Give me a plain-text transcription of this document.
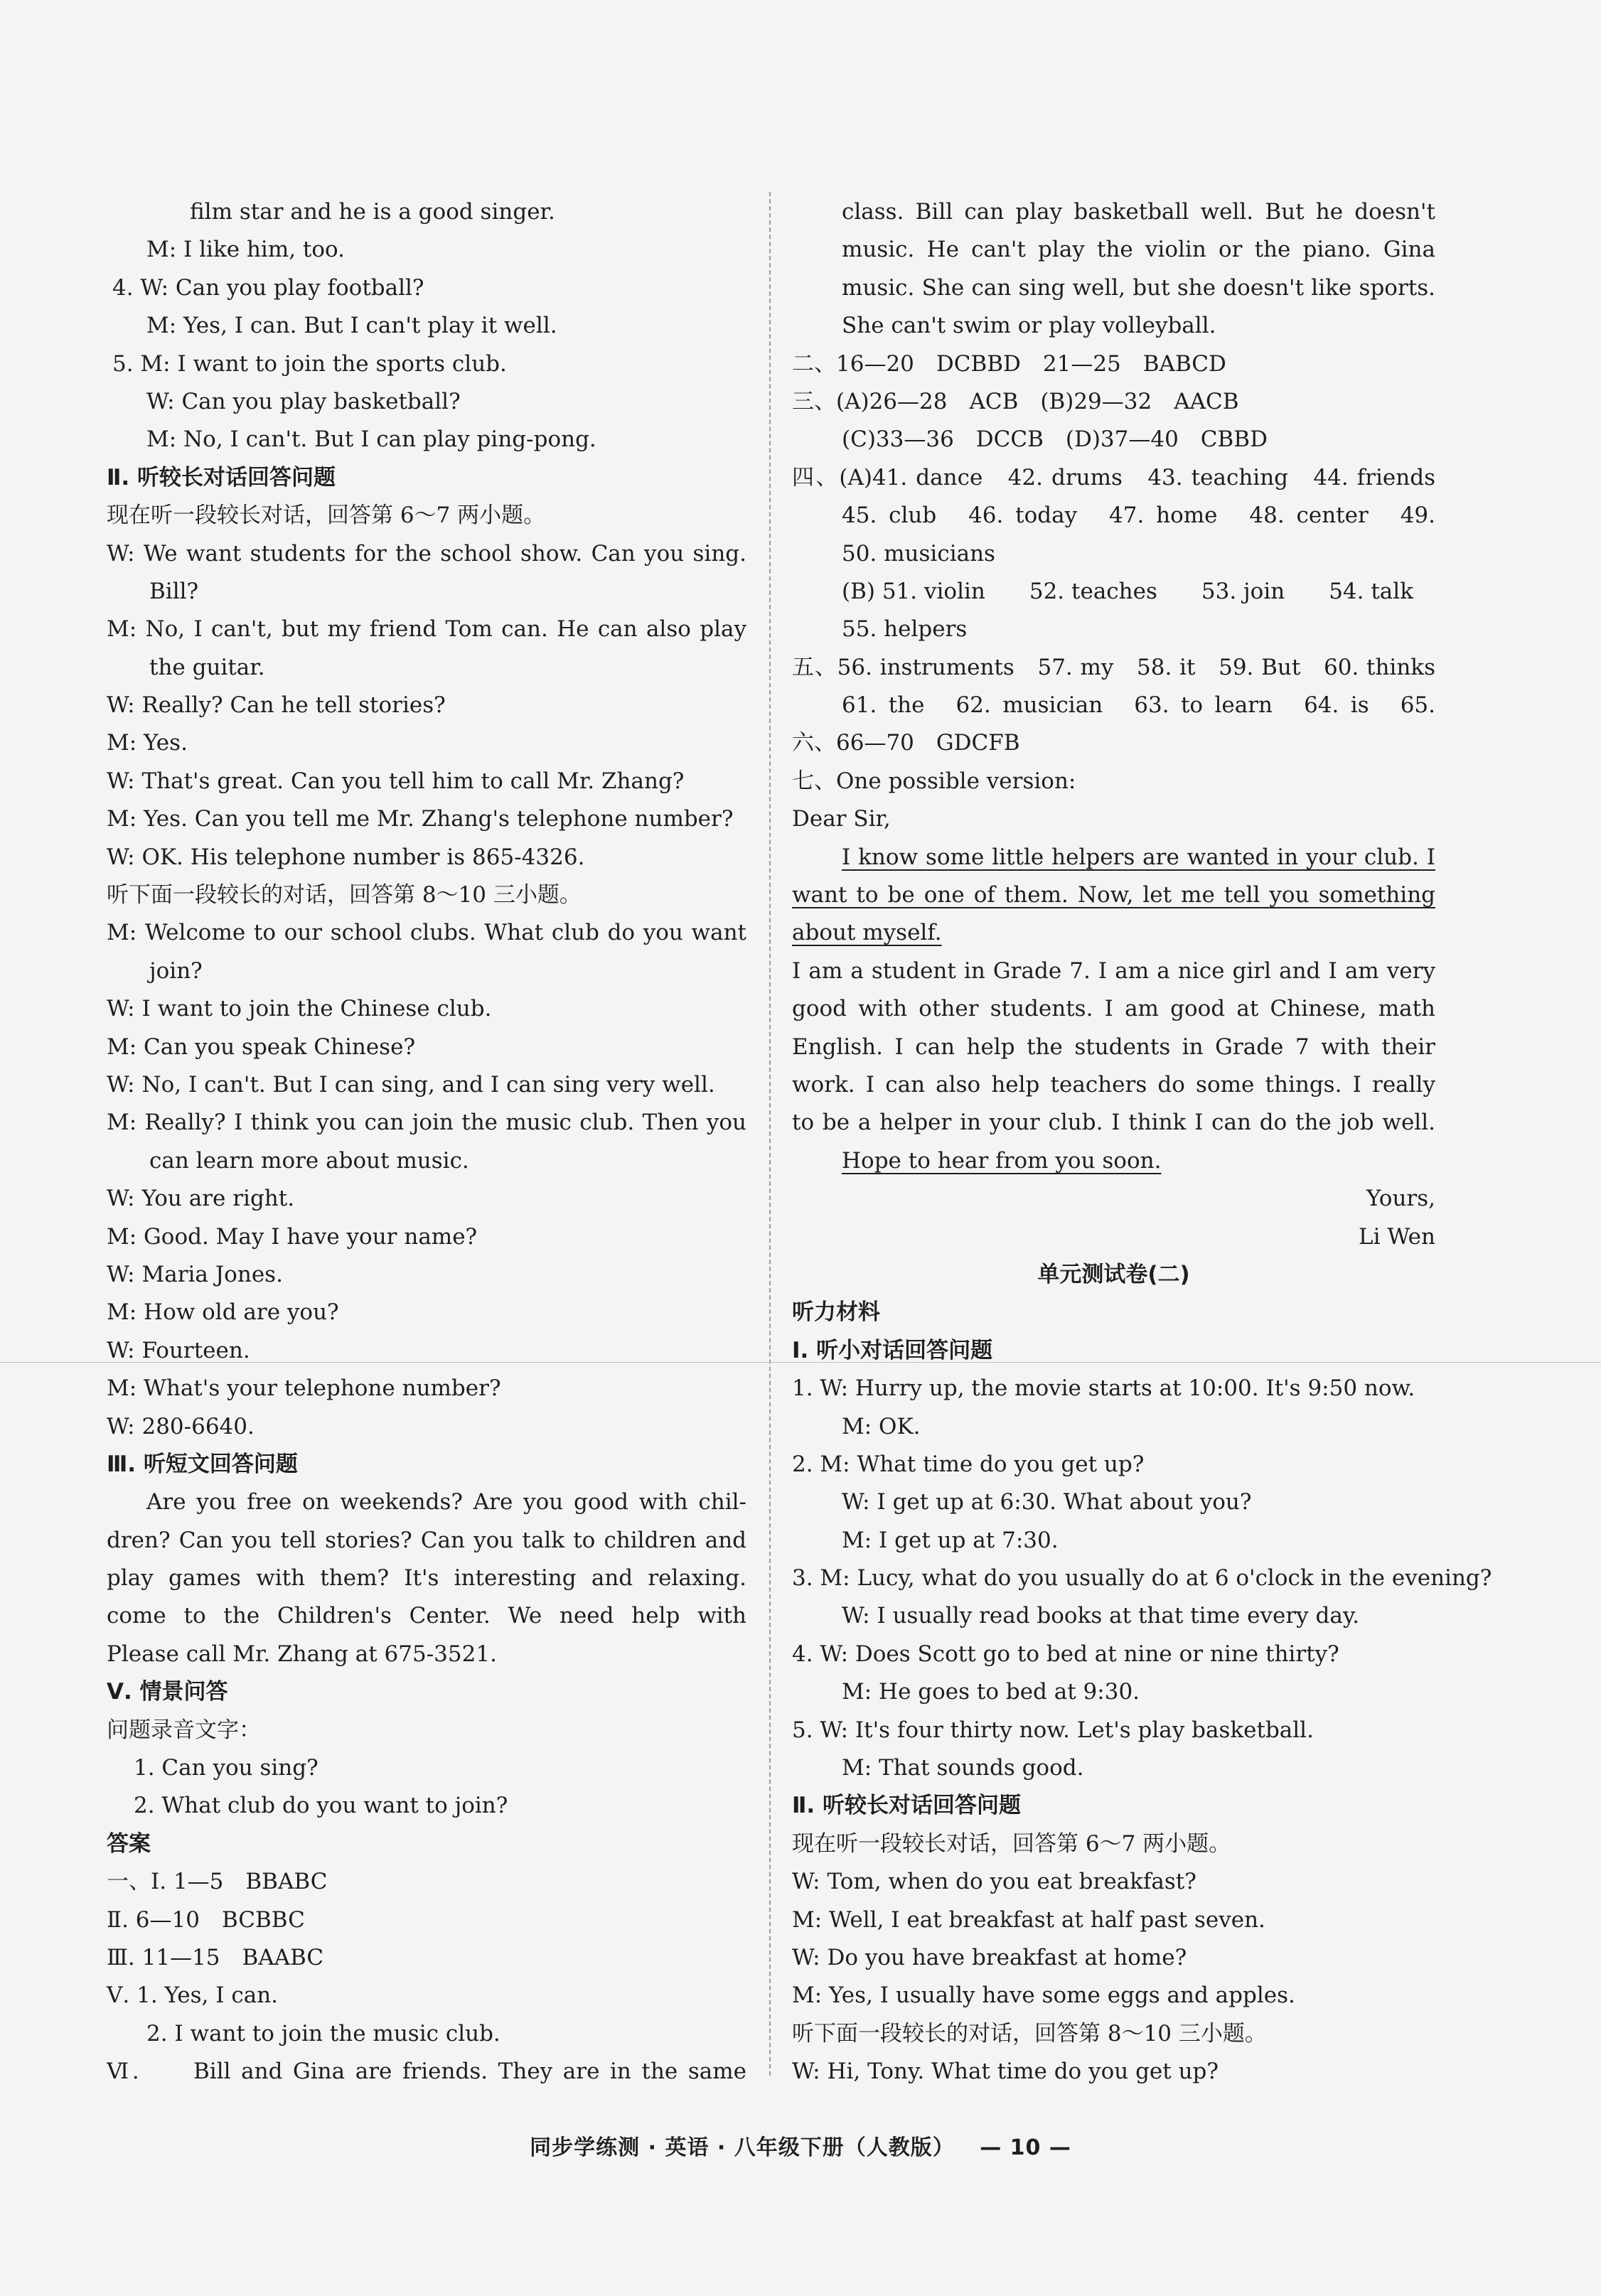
film star and he is a good singer.
M: I like him, too.
4. W: Can you play football?
M: Yes, I can. But I can't play it well.
5. M: I want to join the sports club.
W: Can you play basketball?
M: No, I can't. But I can play ping-pong.
Ⅱ. 听较长对话回答问题
现在听一段较长对话，回答第 6～7 两小题。
W: We want students for the school show. Can you sing.
Bill?
M: No, I can't, but my friend Tom can. He can also play
the guitar.
W: Really? Can he tell stories?
M: Yes.
W: That's great. Can you tell him to call Mr. Zhang?
M: Yes. Can you tell me Mr. Zhang's telephone number?
W: OK. His telephone number is 865-4326.
听下面一段较长的对话，回答第 8～10 三小题。
M: Welcome to our school clubs. What club do you want
join?
W: I want to join the Chinese club.
M: Can you speak Chinese?
W: No, I can't. But I can sing, and I can sing very well.
M: Really? I think you can join the music club. Then you
can learn more about music.
W: You are right.
M: Good. May I have your name?
W: Maria Jones.
M: How old are you?
W: Fourteen.
M: What's your telephone number?
W: 280-6640.
Ⅲ. 听短文回答问题
Are you free on weekends? Are you good with chil-
dren? Can you tell stories? Can you talk to children and
play games with them? It's interesting and relaxing.
come to the Children's Center. We need help with
Please call Mr. Zhang at 675-3521.
Ⅴ. 情景问答
问题录音文字：
1. Can you sing?
2. What club do you want to join?
答案
一、Ⅰ. 1—5　BBABC
Ⅱ. 6—10　BCBBC
Ⅲ. 11—15　BAABC
Ⅴ. 1. Yes, I can.
2. I want to join the music club.
Ⅵ.　　Bill and Gina are friends. They are in the same
class. Bill can play basketball well. But he doesn't
music. He can't play the violin or the piano. Gina
music. She can sing well, but she doesn't like sports.
She can't swim or play volleyball.
二、16—20　DCBBD　21—25　BABCD
三、(A)26—28　ACB　(B)29—32　AACB
(C)33—36　DCCB　(D)37—40　CBBD
四、(A)41. dance　42. drums　43. teaching　44. friends
45. club　46. today　47. home　48. center　49.
50. musicians
(B) 51. violin　　52. teaches　　53. join　　54. talk
55. helpers
五、56. instruments　57. my　58. it　59. But　60. thinks
61. the　62. musician　63. to learn　64. is　65.
六、66—70　GDCFB
七、One possible version:
Dear Sir,
I know some little helpers are wanted in your club. I
want to be one of them. Now, let me tell you something
about myself.
I am a student in Grade 7. I am a nice girl and I am very
good with other students. I am good at Chinese, math
English. I can help the students in Grade 7 with their
work. I can also help teachers do some things. I really
to be a helper in your club. I think I can do the job well.
Hope to hear from you soon.
Yours,
Li Wen
单元测试卷(二)
听力材料
Ⅰ. 听小对话回答问题
1. W: Hurry up, the movie starts at 10:00. It's 9:50 now.
M: OK.
2. M: What time do you get up?
W: I get up at 6:30. What about you?
M: I get up at 7:30.
3. M: Lucy, what do you usually do at 6 o'clock in the evening?
W: I usually read books at that time every day.
4. W: Does Scott go to bed at nine or nine thirty?
M: He goes to bed at 9:30.
5. W: It's four thirty now. Let's play basketball.
M: That sounds good.
Ⅱ. 听较长对话回答问题
现在听一段较长对话，回答第 6～7 两小题。
W: Tom, when do you eat breakfast?
M: Well, I eat breakfast at half past seven.
W: Do you have breakfast at home?
M: Yes, I usually have some eggs and apples.
听下面一段较长的对话，回答第 8～10 三小题。
W: Hi, Tony. What time do you get up?
同步学练测 · 英语 · 八年级下册（人教版） — 10 —
